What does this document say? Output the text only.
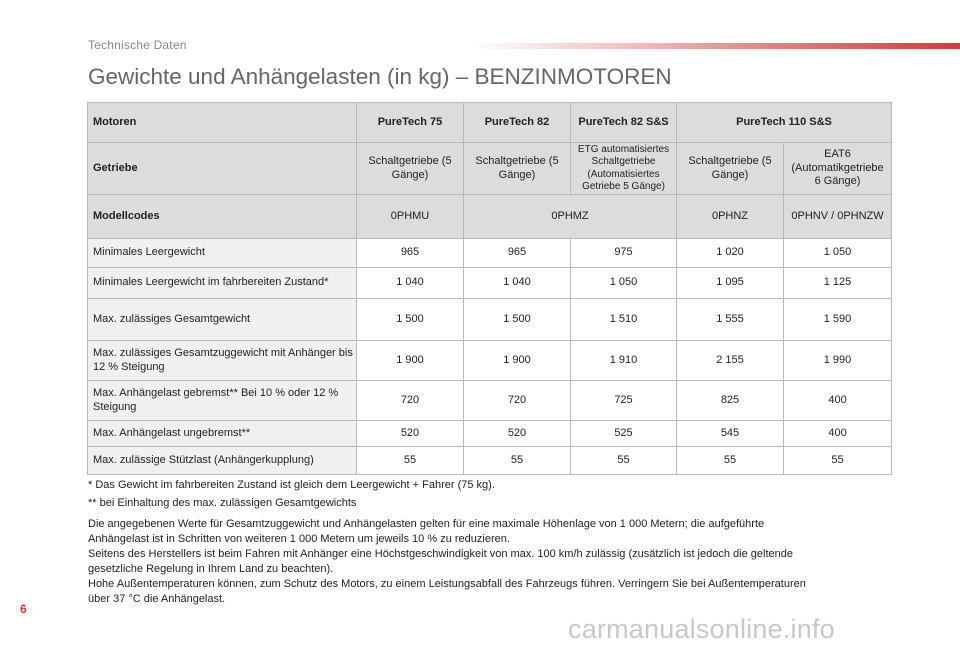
Technische Daten
Gewichte und Anhängelasten (in kg) – BENZINMOTOREN
Motoren	PureTech 75	PureTech 82	PureTech 82 S&S	PureTech 110 S&S	
Getriebe	Schaltgetriebe (5 Gänge)	Schaltgetriebe (5 Gänge)	ETG automatisiertes Schaltgetriebe (Automatisiertes Getriebe 5 Gänge)	Schaltgetriebe (5 Gänge)	EAT6 (Automatikgetriebe 6 Gänge)
Modellcodes	0PHMU	0PHMZ		0PHNZ	0PHNV / 0PHNZW
Minimales Leergewicht	965	965	975	1 020	1 050
Minimales Leergewicht im fahrbereiten Zustand*	1 040	1 040	1 050	1 095	1 125
Max. zulässiges Gesamtgewicht	1 500	1 500	1 510	1 555	1 590
Max. zulässiges Gesamtzuggewicht mit Anhänger bis 12 % Steigung	1 900	1 900	1 910	2 155	1 990
Max. Anhängelast gebremst** Bei 10 % oder 12 % Steigung	720	720	725	825	400
Max. Anhängelast ungebremst**	520	520	525	545	400
Max. zulässige Stützlast (Anhängerkupplung)	55	55	55	55	55
* Das Gewicht im fahrbereiten Zustand ist gleich dem Leergewicht + Fahrer (75 kg).
** bei Einhaltung des max. zulässigen Gesamtgewichts
Die angegebenen Werte für Gesamtzuggewicht und Anhängelasten gelten für eine maximale Höhenlage von 1 000 Metern; die aufgeführte
Anhängelast ist in Schritten von weiteren 1 000 Metern um jeweils 10 % zu reduzieren.
Seitens des Herstellers ist beim Fahren mit Anhänger eine Höchstgeschwindigkeit von max. 100 km/h zulässig (zusätzlich ist jedoch die geltende
gesetzliche Regelung in Ihrem Land zu beachten).
Hohe Außentemperaturen können, zum Schutz des Motors, zu einem Leistungsabfall des Fahrzeugs führen. Verringern Sie bei Außentemperaturen
über 37 °C die Anhängelast.
6
carmanualsonline.info
